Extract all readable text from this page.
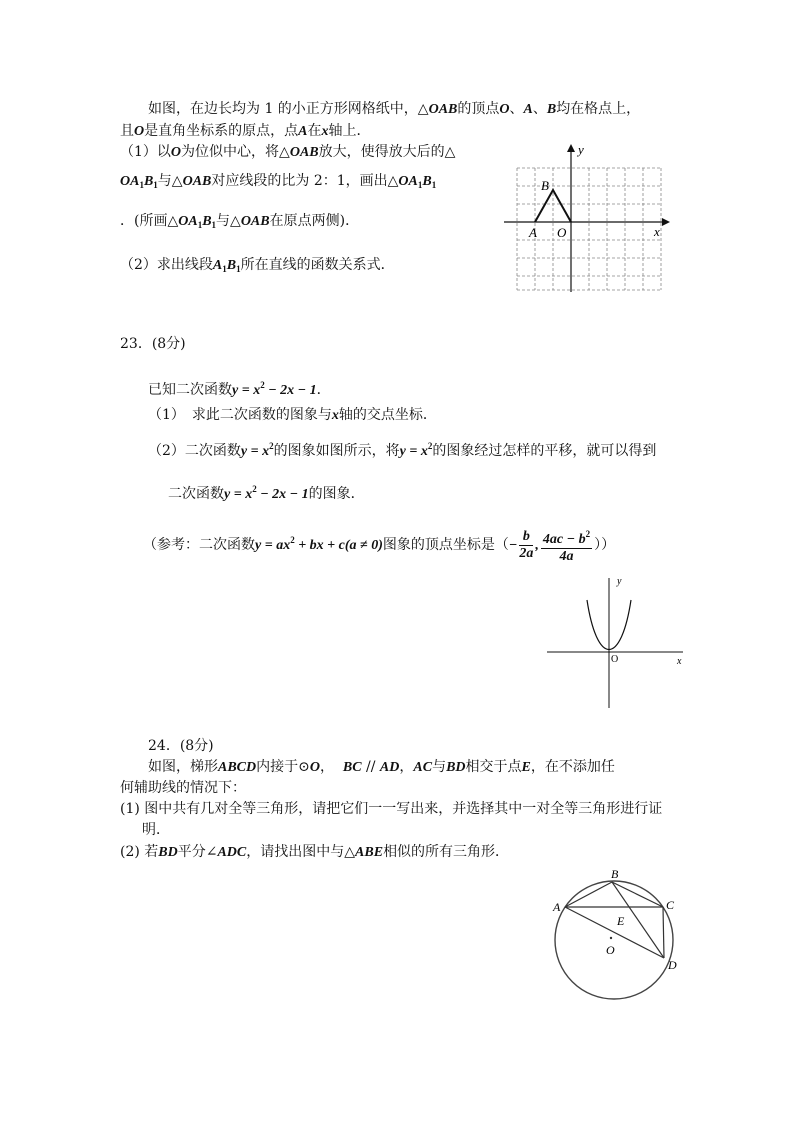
如图，在边长均为 1 的小正方形网格纸中，△OAB的顶点O、A、B均在格点上，
且O是直角坐标系的原点，点A在x轴上．
（1）以O为位似中心，将△OAB放大，使得放大后的△
$OA_1B_1$与△OAB对应线段的比为 2：1，画出$\triangle OA_1B_1$
．(所画$\triangle OA_1B_1$与△OAB在原点两侧)．
（2）求出线段$A_1B_1$所在直线的函数关系式．
y
x
B
A O
23．(8分)
已知二次函数$y = x^2 - 2x - 1$．
（1）　求此二次函数的图象与x轴的交点坐标．
（2）二次函数$y = x^2$的图象如图所示，将$y = x^2$的图象经过怎样的平移，就可以得到
二次函数$y = x^2 - 2x - 1$的图象．
（参考：二次函数$y = ax^2$ + bx + c(a ≠ 0)图象的顶点坐标是（− $\frac{b}{2a}$ , $\frac{4ac - b^2}{4a}$ ））
y
x
O
24．(8分)
如图，梯形ABCD内接于⊙O， BC // AD，AC与BD相交于点E，在不添加任
何辅助线的情况下：
(1) 图中共有几对全等三角形，请把它们一一写出来，并选择其中一对全等三角形进行证
明．
(2) 若BD平分∠ADC，请找出图中与△ABE相似的所有三角形．
A
B
C
D
E
O
